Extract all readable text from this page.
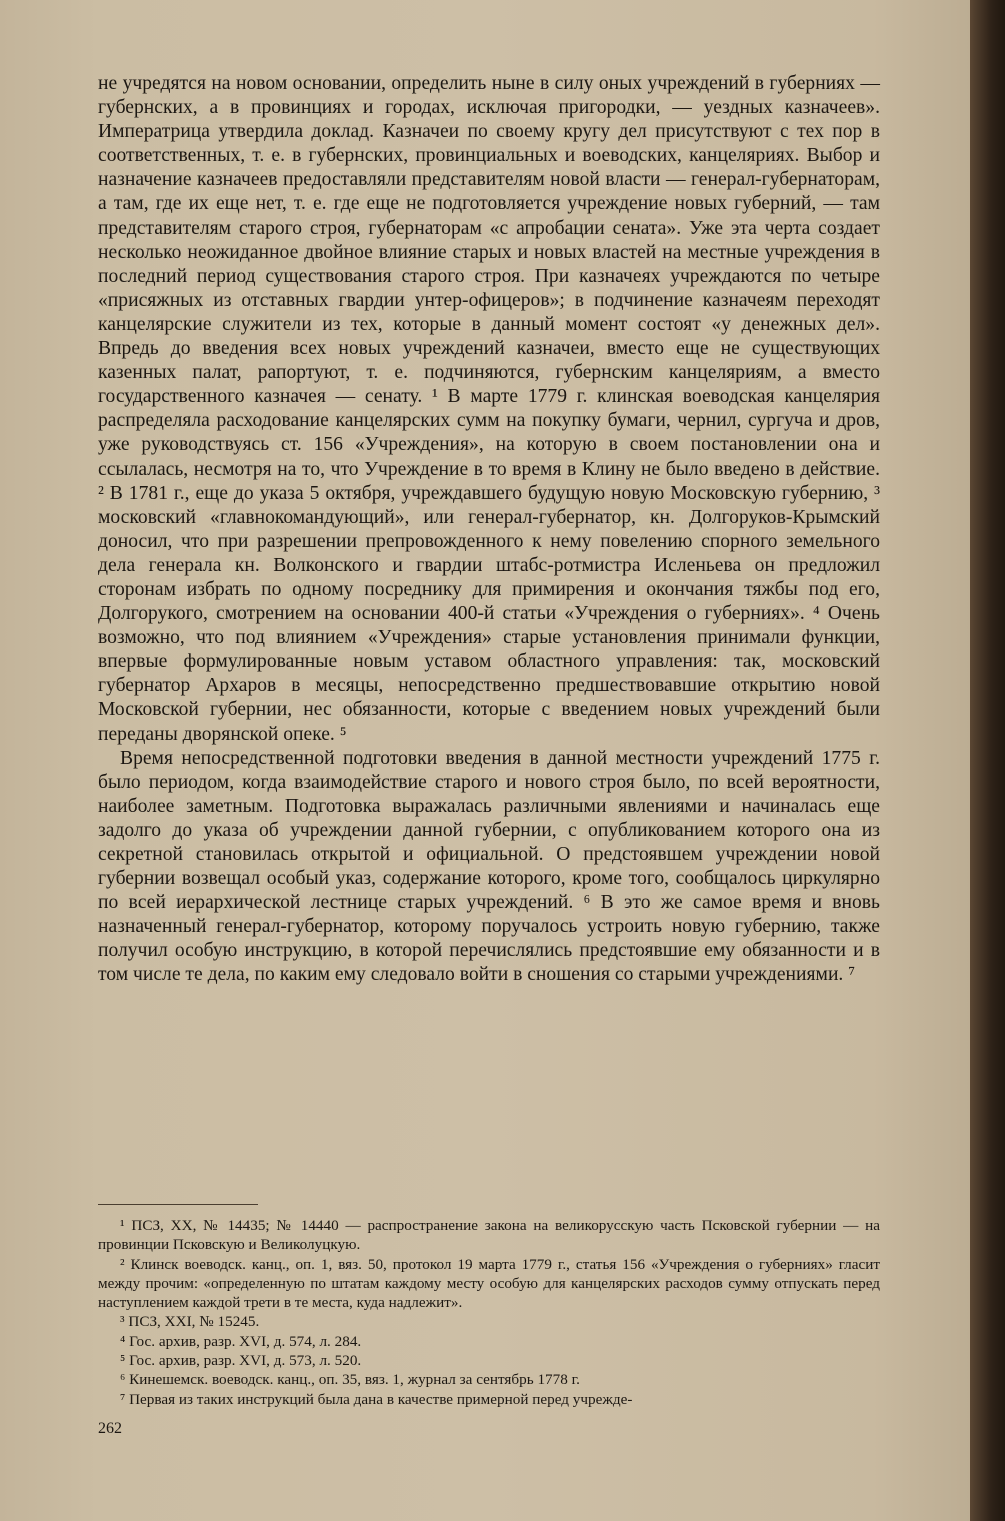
не учредятся на новом основании, определить ныне в силу оных учреждений в губерниях — губернских, а в провинциях и городах, исключая пригородки, — уездных казначеев». Императрица утвердила доклад. Казначеи по своему кругу дел присутствуют с тех пор в соответственных, т. е. в губернских, провинциальных и воеводских, канцеляриях. Выбор и назначение казначеев предоставляли представителям новой власти — генерал-губернаторам, а там, где их еще нет, т. е. где еще не подготовляется учреждение новых губерний, — там представителям старого строя, губернаторам «с апробации сената». Уже эта черта создает несколько неожиданное двойное влияние старых и новых властей на местные учреждения в последний период существования старого строя. При казначеях учреждаются по четыре «присяжных из отставных гвардии унтер-офицеров»; в подчинение казначеям переходят канцелярские служители из тех, которые в данный момент состоят «у денежных дел». Впредь до введения всех новых учреждений казначеи, вместо еще не существующих казенных палат, рапортуют, т. е. подчиняются, губернским канцеляриям, а вместо государственного казначея — сенату. ¹ В марте 1779 г. клинская воеводская канцелярия распределяла расходование канцелярских сумм на покупку бумаги, чернил, сургуча и дров, уже руководствуясь ст. 156 «Учреждения», на которую в своем постановлении она и ссылалась, несмотря на то, что Учреждение в то время в Клину не было введено в действие. ² В 1781 г., еще до указа 5 октября, учреждавшего будущую новую Московскую губернию, ³ московский «главнокомандующий», или генерал-губернатор, кн. Долгоруков-Крымский доносил, что при разрешении препровожденного к нему повелению спорного земельного дела генерала кн. Волконского и гвардии штабс-ротмистра Исленьева он предложил сторонам избрать по одному посреднику для примирения и окончания тяжбы под его, Долгорукого, смотрением на основании 400-й статьи «Учреждения о губерниях». ⁴ Очень возможно, что под влиянием «Учреждения» старые установления принимали функции, впервые формулированные новым уставом областного управления: так, московский губернатор Архаров в месяцы, непосредственно предшествовавшие открытию новой Московской губернии, нес обязанности, которые с введением новых учреждений были переданы дворянской опеке. ⁵

Время непосредственной подготовки введения в данной местности учреждений 1775 г. было периодом, когда взаимодействие старого и нового строя было, по всей вероятности, наиболее заметным. Подготовка выражалась различными явлениями и начиналась еще задолго до указа об учреждении данной губернии, с опубликованием которого она из секретной становилась открытой и официальной. О предстоявшем учреждении новой губернии возвещал особый указ, содержание которого, кроме того, сообщалось циркулярно по всей иерархической лестнице старых учреждений. ⁶ В это же самое время и вновь назначенный генерал-губернатор, которому поручалось устроить новую губернию, также получил особую инструкцию, в которой перечислялись предстоявшие ему обязанности и в том числе те дела, по каким ему следовало войти в сношения со старыми учреждениями. ⁷

¹ ПСЗ, XX, № 14435; № 14440 — распространение закона на великорусскую часть Псковской губернии — на провинции Псковскую и Великолуцкую.

² Клинск воеводск. канц., оп. 1, вяз. 50, протокол 19 марта 1779 г., статья 156 «Учреждения о губерниях» гласит между прочим: «определенную по штатам каждому месту особую для канцелярских расходов сумму отпускать перед наступлением каждой трети в те места, куда надлежит».

³ ПСЗ, XXI, № 15245.

⁴ Гос. архив, разр. XVI, д. 574, л. 284.

⁵ Гос. архив, разр. XVI, д. 573, л. 520.

⁶ Кинешемск. воеводск. канц., оп. 35, вяз. 1, журнал за сентябрь 1778 г.

⁷ Первая из таких инструкций была дана в качестве примерной перед учрежде-

262
